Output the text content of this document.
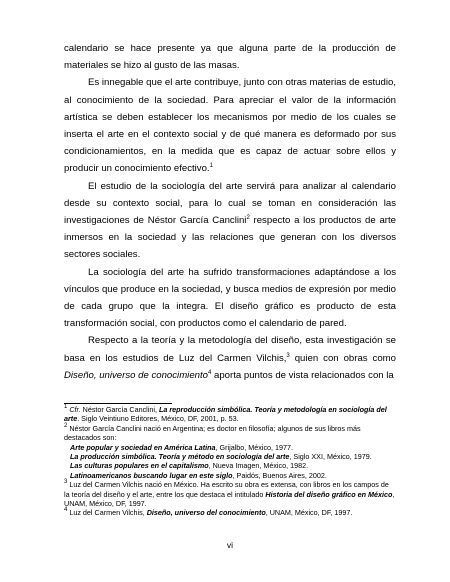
calendario se hace presente ya que alguna parte de la producción de materiales se hizo al gusto de las masas.

Es innegable que el arte contribuye, junto con otras materias de estudio, al conocimiento de la sociedad. Para apreciar el valor de la información artística se deben establecer los mecanismos por medio de los cuales se inserta el arte en el contexto social y de qué manera es deformado por sus condicionamientos, en la medida que es capaz de actuar sobre ellos y producir un conocimiento efectivo.$^1$

El estudio de la sociología del arte servirá para analizar al calendario desde su contexto social, para lo cual se toman en consideración las investigaciones de Néstor García Canclini$^2$ respecto a los productos de arte inmersos en la sociedad y las relaciones que generan con los diversos sectores sociales.

La sociología del arte ha sufrido transformaciones adaptándose a los vínculos que produce en la sociedad, y busca medios de expresión por medio de cada grupo que la integra. El diseño gráfico es producto de esta transformación social, con productos como el calendario de pared.

Respecto a la teoría y la metodología del diseño, esta investigación se basa en los estudios de Luz del Carmen Vilchis,$^3$ quien con obras como Diseño, universo de conocimiento$^4$ aporta puntos de vista relacionados con la

$^1$ Cfr. Néstor García Canclini, La reproducción simbólica. Teoría y metodología en sociología del arte. Siglo Veintiuno Editores, México, DF, 2001, p. 53.

$^2$ Néstor García Canclini nació en Argentina; es doctor en filosofía; algunos de sus libros más destacados son:

Arte popular y sociedad en América Latina, Grijalbo, México, 1977.

La producción simbólica. Teoría y método en sociología del arte, Siglo XXI, México, 1979.

Las culturas populares en el capitalismo, Nueva Imagen, México, 1982.

Latinoamericanos buscando lugar en este siglo, Paidós, Buenos Aires, 2002.

$^3$ Luz del Carmen Vilchis nació en México. Ha escrito su obra es extensa, con libros en los campos de la teoría del diseño y el arte, entre los que destaca el intitulado Historia del diseño gráfico en México, UNAM, México, DF, 1997.

$^4$ Luz del Carmen Vilchis, Diseño, universo del conocimiento, UNAM, México, DF, 1997.

vi
